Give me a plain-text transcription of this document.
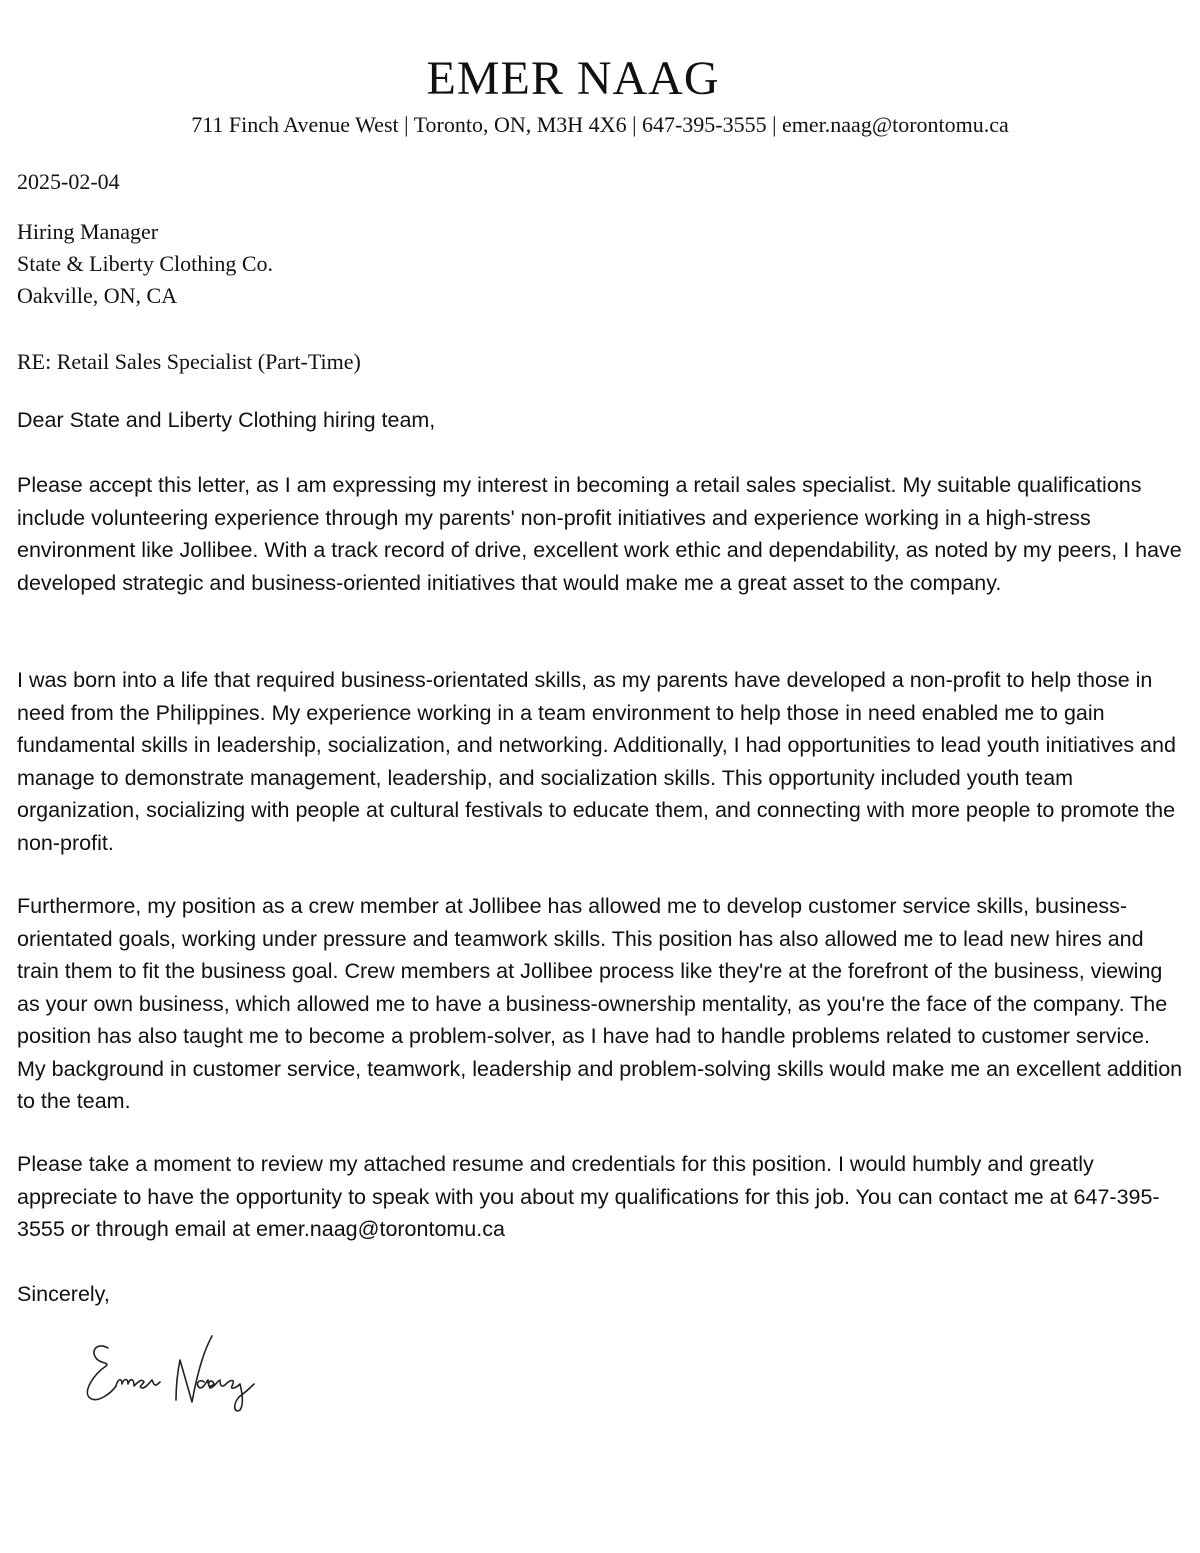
EMER NAAG
711 Finch Avenue West | Toronto, ON, M3H 4X6 | 647-395-3555 | emer.naag@torontomu.ca
2025-02-04
Hiring Manager
State & Liberty Clothing Co.
Oakville, ON, CA
RE: Retail Sales Specialist (Part-Time)

Dear State and Liberty Clothing hiring team,

Please accept this letter, as I am expressing my interest in becoming a retail sales specialist. My suitable qualifications include volunteering experience through my parents' non-profit initiatives and experience working in a high-stress environment like Jollibee. With a track record of drive, excellent work ethic and dependability, as noted by my peers, I have developed strategic and business-oriented initiatives that would make me a great asset to the company.

I was born into a life that required business-orientated skills, as my parents have developed a non-profit to help those in need from the Philippines. My experience working in a team environment to help those in need enabled me to gain fundamental skills in leadership, socialization, and networking. Additionally, I had opportunities to lead youth initiatives and manage to demonstrate management, leadership, and socialization skills. This opportunity included youth team organization, socializing with people at cultural festivals to educate them, and connecting with more people to promote the non-profit.

Furthermore, my position as a crew member at Jollibee has allowed me to develop customer service skills, business-orientated goals, working under pressure and teamwork skills. This position has also allowed me to lead new hires and train them to fit the business goal. Crew members at Jollibee process like they're at the forefront of the business, viewing as your own business, which allowed me to have a business-ownership mentality, as you're the face of the company. The position has also taught me to become a problem-solver, as I have had to handle problems related to customer service. My background in customer service, teamwork, leadership and problem-solving skills would make me an excellent addition to the team.

Please take a moment to review my attached resume and credentials for this position. I would humbly and greatly appreciate to have the opportunity to speak with you about my qualifications for this job. You can contact me at 647-395-3555 or through email at emer.naag@torontomu.ca

Sincerely,
